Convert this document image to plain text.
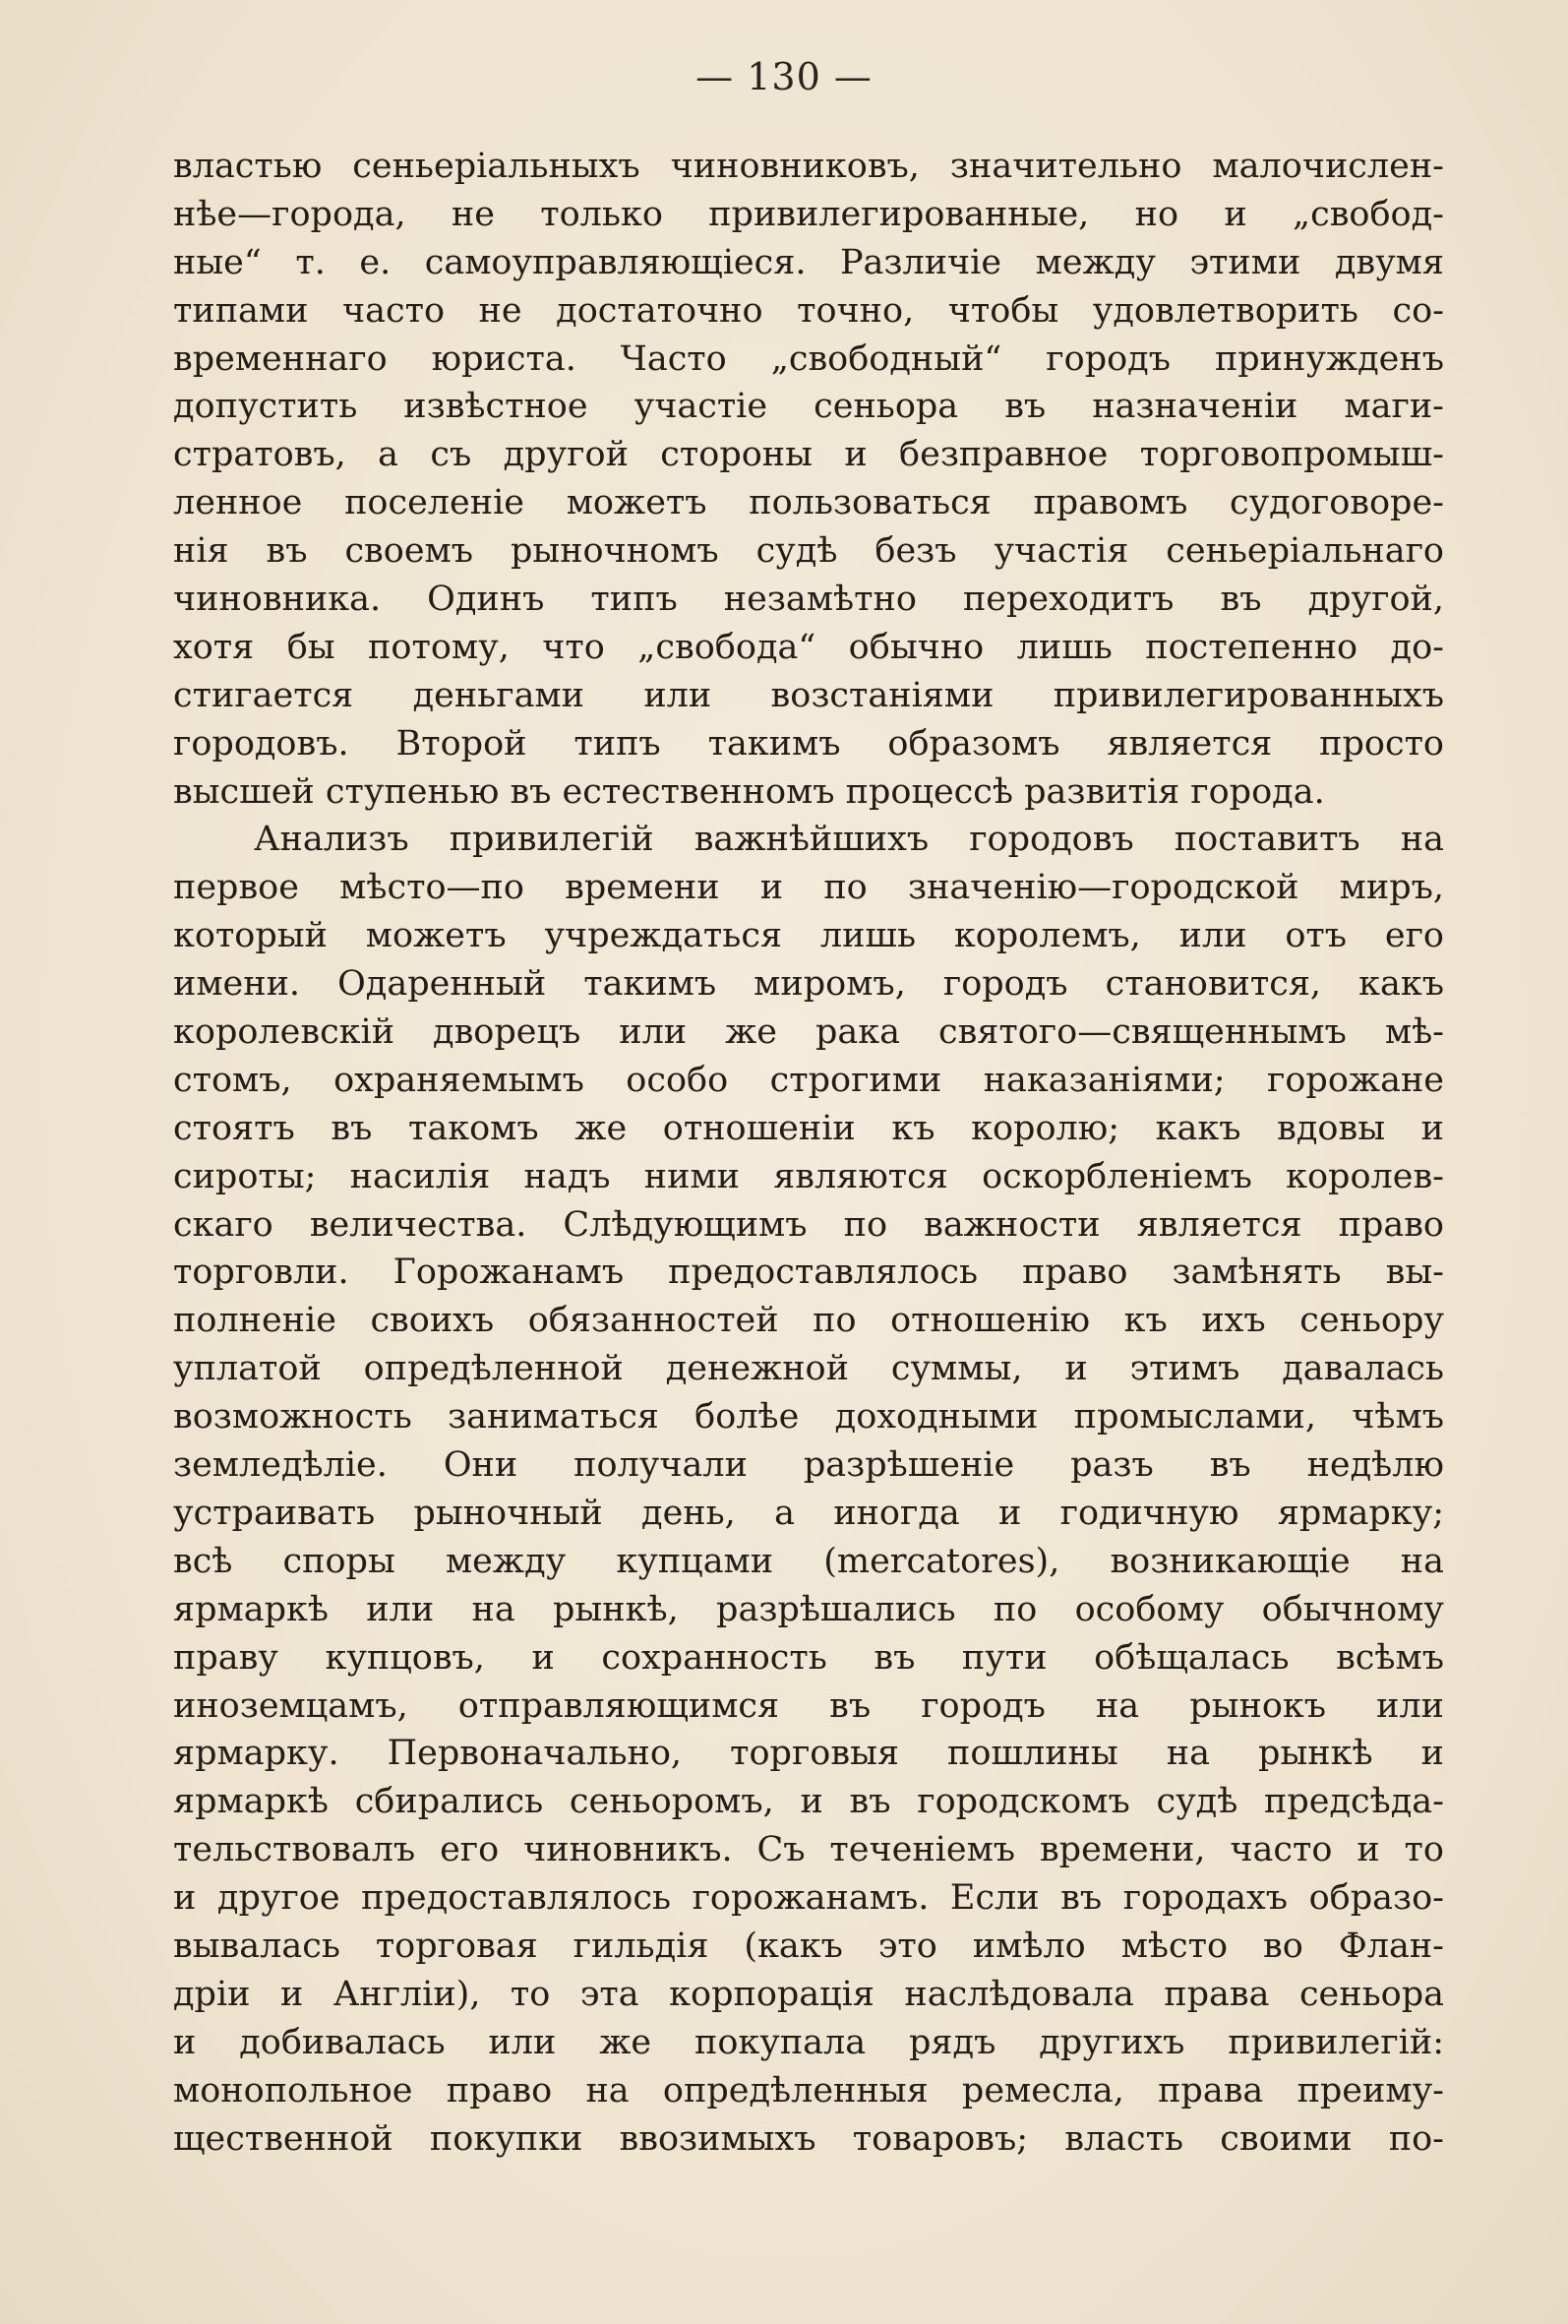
— 130 —
властью сеньеріальныхъ чиновниковъ, значительно малочислен-
нѣе—города, не только привилегированные, но и „свобод-
ные“ т. е. самоуправляющіеся. Различіе между этими двумя
типами часто не достаточно точно, чтобы удовлетворить со-
временнаго юриста. Часто „свободный“ городъ принужденъ
допустить извѣстное участіе сеньора въ назначеніи маги-
стратовъ, а съ другой стороны и безправное торговопромыш-
ленное поселеніе можетъ пользоваться правомъ судоговоре-
нія въ своемъ рыночномъ судѣ безъ участія сеньеріальнаго
чиновника. Одинъ типъ незамѣтно переходитъ въ другой,
хотя бы потому, что „свобода“ обычно лишь постепенно до-
стигается деньгами или возстаніями привилегированныхъ
городовъ. Второй типъ такимъ образомъ является просто
высшей ступенью въ естественномъ процессѣ развитія города.
Анализъ привилегій важнѣйшихъ городовъ поставитъ на
первое мѣсто—по времени и по значенію—городской миръ,
который можетъ учреждаться лишь королемъ, или отъ его
имени. Одаренный такимъ миромъ, городъ становится, какъ
королевскій дворецъ или же рака святого—священнымъ мѣ-
стомъ, охраняемымъ особо строгими наказаніями; горожане
стоятъ въ такомъ же отношеніи къ королю; какъ вдовы и
сироты; насилія надъ ними являются оскорбленіемъ королев-
скаго величества. Слѣдующимъ по важности является право
торговли. Горожанамъ предоставлялось право замѣнять вы-
полненіе своихъ обязанностей по отношенію къ ихъ сеньору
уплатой опредѣленной денежной суммы, и этимъ давалась
возможность заниматься болѣе доходными промыслами, чѣмъ
земледѣліе. Они получали разрѣшеніе разъ въ недѣлю
устраивать рыночный день, а иногда и годичную ярмарку;
всѣ споры между купцами (mercatores), возникающіе на
ярмаркѣ или на рынкѣ, разрѣшались по особому обычному
праву купцовъ, и сохранность въ пути обѣщалась всѣмъ
иноземцамъ, отправляющимся въ городъ на рынокъ или
ярмарку. Первоначально, торговыя пошлины на рынкѣ и
ярмаркѣ сбирались сеньоромъ, и въ городскомъ судѣ предсѣда-
тельствовалъ его чиновникъ. Съ теченіемъ времени, часто и то
и другое предоставлялось горожанамъ. Если въ городахъ образо-
вывалась торговая гильдія (какъ это имѣло мѣсто во Флан-
дріи и Англіи), то эта корпорація наслѣдовала права сеньора
и добивалась или же покупала рядъ другихъ привилегій:
монопольное право на опредѣленныя ремесла, права преиму-
щественной покупки ввозимыхъ товаровъ; власть своими по-
